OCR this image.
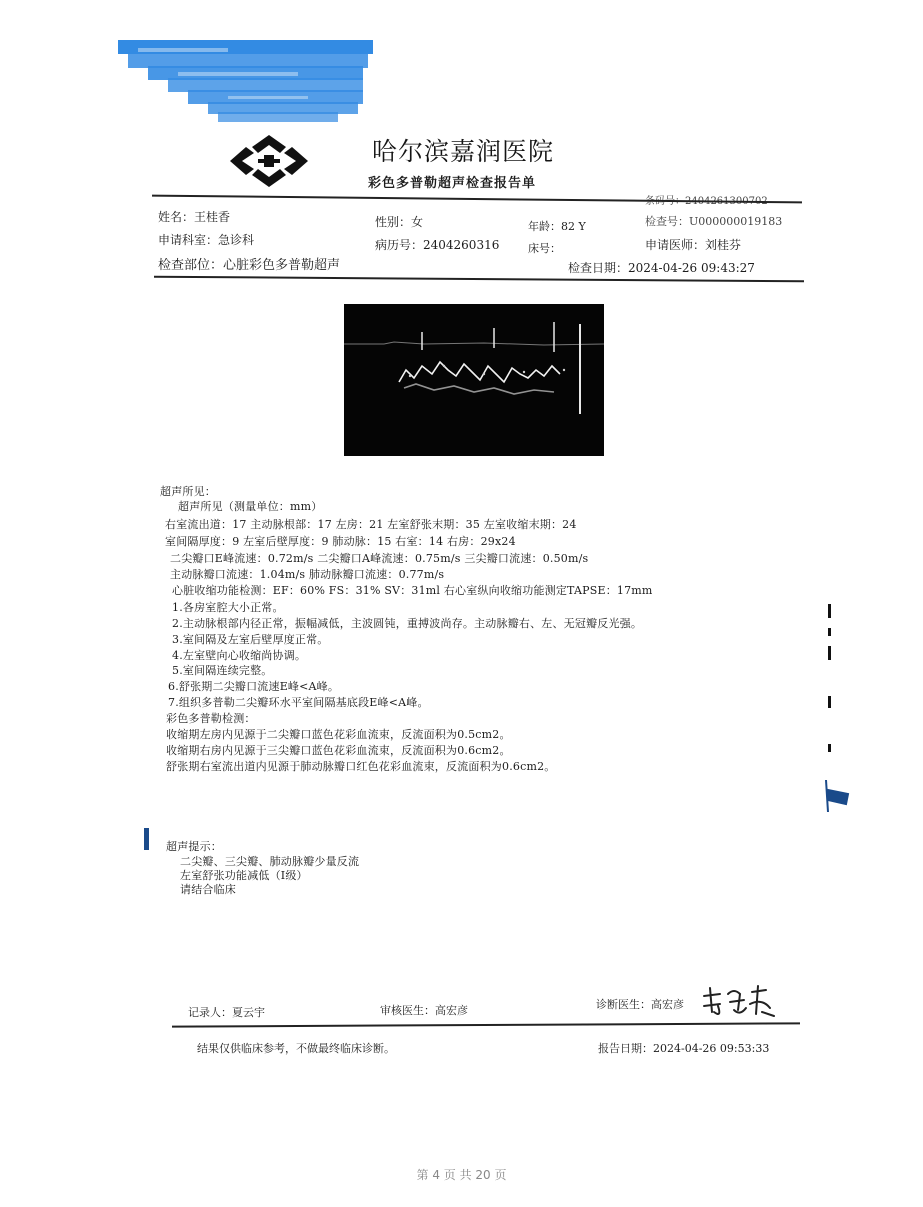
哈尔滨嘉润医院
彩色多普勒超声检查报告单
姓名：王桂香	性别：女	年龄：82 Y	检查号：U000000019183
申请科室：急诊科	病历号：2404260316	床号：	申请医师：刘桂芬
检查部位：心脏彩色多普勒超声	检查日期：2024-04-26 09:43:27
超声所见：
超声所见（测量单位：mm）
右室流出道：17 主动脉根部：17 左房：21 左室舒张末期：35 左室收缩末期：24
室间隔厚度：9 左室后壁厚度：9 肺动脉：15 右室：14 右房：29x24
二尖瓣口E峰流速：0.72m/s 二尖瓣口A峰流速：0.75m/s 三尖瓣口流速：0.50m/s
主动脉瓣口流速：1.04m/s 肺动脉瓣口流速：0.77m/s
心脏收缩功能检测：EF：60% FS：31% SV：31ml 右心室纵向收缩功能测定TAPSE：17mm
1.各房室腔大小正常。
2.主动脉根部内径正常，振幅减低，主波圆钝，重搏波尚存。主动脉瓣右、左、无冠瓣反光强。
3.室间隔及左室后壁厚度正常。
4.左室壁向心收缩尚协调。
5.室间隔连续完整。
6.舒张期二尖瓣口流速E峰<A峰。
7.组织多普勒二尖瓣环水平室间隔基底段E峰<A峰。
彩色多普勒检测：
收缩期左房内见源于二尖瓣口蓝色花彩血流束，反流面积为0.5cm2。
收缩期右房内见源于三尖瓣口蓝色花彩血流束，反流面积为0.6cm2。
舒张期右室流出道内见源于肺动脉瓣口红色花彩血流束，反流面积为0.6cm2。
超声提示：
二尖瓣、三尖瓣、肺动脉瓣少量反流
左室舒张功能减低（I级）
请结合临床
记录人：夏云宇	审核医生：高宏彦	诊断医生：高宏彦
结果仅供临床参考，不做最终临床诊断。	报告日期：2024-04-26 09:53:33
第 4 页 共 20 页
